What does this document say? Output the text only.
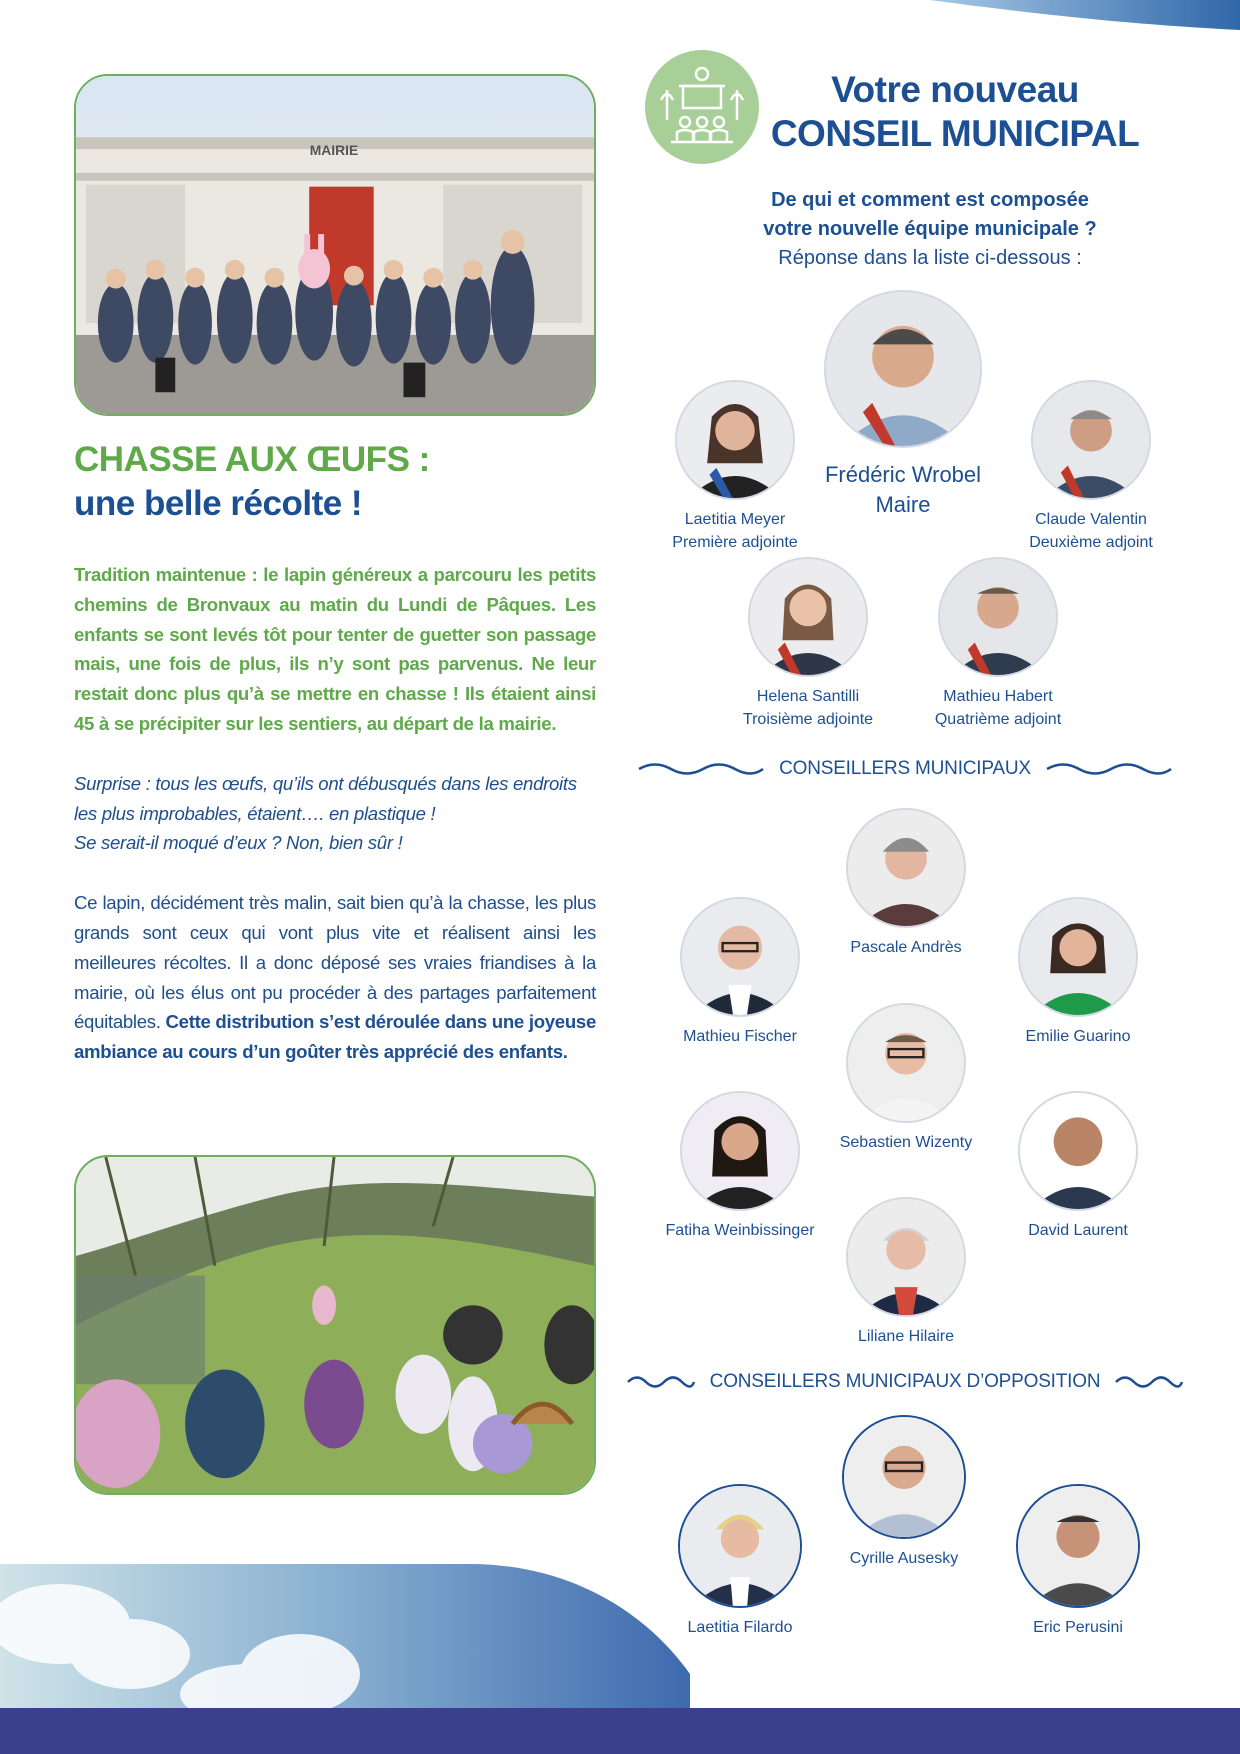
MAIRIE
CHASSE AUX ŒUFS :
une belle récolte !

Tradition maintenue : le lapin généreux a parcouru les petits chemins de Bronvaux au matin du Lundi de Pâques. Les enfants se sont levés tôt pour tenter de guetter son passage mais, une fois de plus, ils n’y sont pas parvenus. Ne leur restait donc plus qu’à se mettre en chasse ! Ils étaient ainsi 45 à se précipiter sur les sentiers, au départ de la mairie.

Surprise : tous les œufs, qu’ils ont débusqués dans les endroits les plus improbables, étaient…. en plastique !
Se serait-il moqué d’eux ? Non, bien sûr !

Ce lapin, décidément très malin, sait bien qu’à la chasse, les plus grands sont ceux qui vont plus vite et réalisent ainsi les meilleures récoltes. Il a donc déposé ses vraies friandises à la mairie, où les élus ont pu procéder à des partages parfaitement équitables. Cette distribution s’est déroulée dans une joyeuse ambiance au cours d’un goûter très apprécié des enfants.

Votre nouveau
CONSEIL MUNICIPAL
De qui et comment est composée
votre nouvelle équipe municipale ?
Réponse dans la liste ci-dessous :
Frédéric Wrobel
Maire
Laetitia Meyer
Première adjointe
Claude Valentin
Deuxième adjoint
Helena Santilli
Troisième adjointe
Mathieu Habert
Quatrième adjoint
CONSEILLERS MUNICIPAUX
Pascale Andrès
Mathieu Fischer	Emilie Guarino
Sebastien Wizenty
Fatiha Weinbissinger	David Laurent
Liliane Hilaire
CONSEILLERS MUNICIPAUX D’OPPOSITION
Cyrille Ausesky
Laetitia Filardo	Eric Perusini
